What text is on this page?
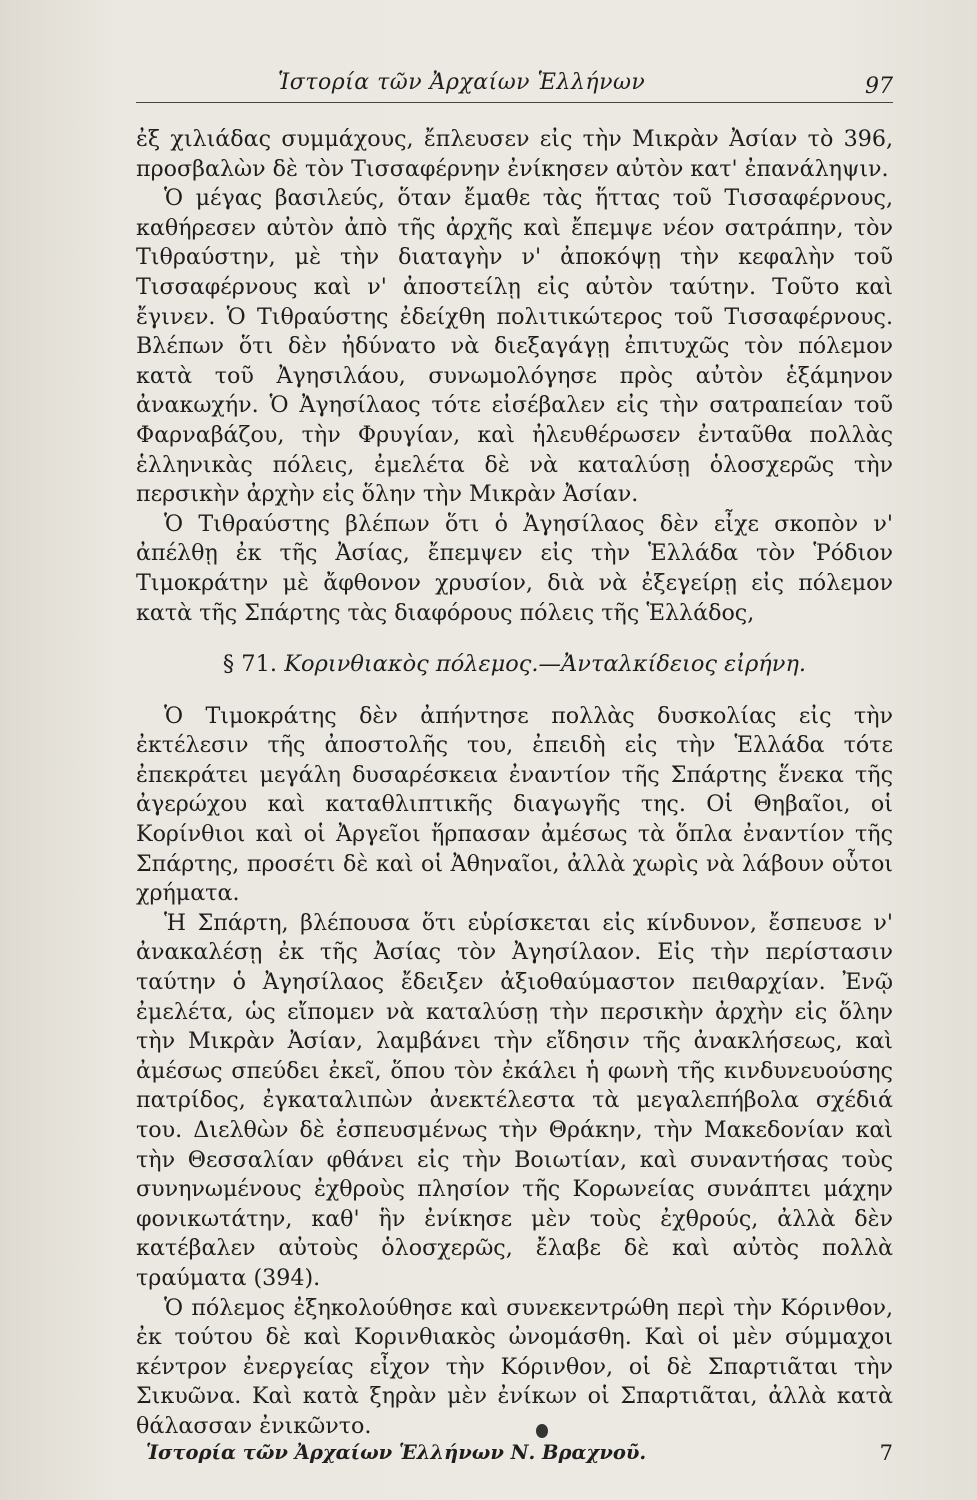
Ἱστορία τῶν Ἀρχαίων Ἑλλήνων	97

ἐξ χιλιάδας συμμάχους, ἔπλευσεν εἰς τὴν Μικρὰν Ἀσίαν τὸ 396, προσβαλὼν δὲ τὸν Τισσαφέρνην ἐνίκησεν αὐτὸν κατ' ἐπανάληψιν.

Ὁ μέγας βασιλεύς, ὅταν ἔμαθε τὰς ἥττας τοῦ Τισσαφέρνους, καθήρεσεν αὐτὸν ἀπὸ τῆς ἀρχῆς καὶ ἔπεμψε νέον σατράπην, τὸν Τιθραύστην, μὲ τὴν διαταγὴν ν' ἀποκόψῃ τὴν κεφαλὴν τοῦ Τισσαφέρνους καὶ ν' ἀποστείλῃ εἰς αὐτὸν ταύτην. Τοῦτο καὶ ἔγινεν. Ὁ Τιθραύστης ἐδείχθη πολιτικώτερος τοῦ Τισσαφέρνους. Βλέπων ὅτι δὲν ἠδύνατο νὰ διεξαγάγῃ ἐπιτυχῶς τὸν πόλεμον κατὰ τοῦ Ἀγησιλάου, συνωμολόγησε πρὸς αὐτὸν ἑξάμηνον ἀνακωχήν. Ὁ Ἀγησίλαος τότε εἰσέβαλεν εἰς τὴν σατραπείαν τοῦ Φαρναβάζου, τὴν Φρυγίαν, καὶ ἠλευθέρωσεν ἐνταῦθα πολλὰς ἑλληνικὰς πόλεις, ἐμελέτα δὲ νὰ καταλύσῃ ὁλοσχερῶς τὴν περσικὴν ἀρχὴν εἰς ὅλην τὴν Μικρὰν Ἀσίαν.

Ὁ Τιθραύστης βλέπων ὅτι ὁ Ἀγησίλαος δὲν εἶχε σκοπὸν ν' ἀπέλθῃ ἐκ τῆς Ἀσίας, ἔπεμψεν εἰς τὴν Ἑλλάδα τὸν Ῥόδιον Τιμοκράτην μὲ ἄφθονον χρυσίον, διὰ νὰ ἐξεγείρῃ εἰς πόλεμον κατὰ τῆς Σπάρτης τὰς διαφόρους πόλεις τῆς Ἑλλάδος,

§ 71. Κορινθιακὸς πόλεμος.—Ἀνταλκίδειος εἰρήνη.

Ὁ Τιμοκράτης δὲν ἀπήντησε πολλὰς δυσκολίας εἰς τὴν ἐκτέλεσιν τῆς ἀποστολῆς του, ἐπειδὴ εἰς τὴν Ἑλλάδα τότε ἐπεκράτει μεγάλη δυσαρέσκεια ἐναντίον τῆς Σπάρτης ἕνεκα τῆς ἀγερώχου καὶ καταθλιπτικῆς διαγωγῆς της. Οἱ Θηβαῖοι, οἱ Κορίνθιοι καὶ οἱ Ἀργεῖοι ἥρπασαν ἀμέσως τὰ ὅπλα ἐναντίον τῆς Σπάρτης, προσέτι δὲ καὶ οἱ Ἀθηναῖοι, ἀλλὰ χωρὶς νὰ λάβουν οὗτοι χρήματα.

Ἡ Σπάρτη, βλέπουσα ὅτι εὑρίσκεται εἰς κίνδυνον, ἔσπευσε ν' ἀνακαλέσῃ ἐκ τῆς Ἀσίας τὸν Ἀγησίλαον. Εἰς τὴν περίστασιν ταύτην ὁ Ἀγησίλαος ἔδειξεν ἀξιοθαύμαστον πειθαρχίαν. Ἐνῷ ἐμελέτα, ὡς εἴπομεν νὰ καταλύσῃ τὴν περσικὴν ἀρχὴν εἰς ὅλην τὴν Μικρὰν Ἀσίαν, λαμβάνει τὴν εἴδησιν τῆς ἀνακλήσεως, καὶ ἀμέσως σπεύδει ἐκεῖ, ὅπου τὸν ἐκάλει ἡ φωνὴ τῆς κινδυνευούσης πατρίδος, ἐγκαταλιπὼν ἀνεκτέλεστα τὰ μεγαλεπήβολα σχέδιά του. Διελθὼν δὲ ἐσπευσμένως τὴν Θράκην, τὴν Μακεδονίαν καὶ τὴν Θεσσαλίαν φθάνει εἰς τὴν Βοιωτίαν, καὶ συναντήσας τοὺς συνηνωμένους ἐχθροὺς πλησίον τῆς Κορωνείας συνάπτει μάχην φονικωτάτην, καθ' ἣν ἐνίκησε μὲν τοὺς ἐχθρούς, ἀλλὰ δὲν κατέβαλεν αὐτοὺς ὁλοσχερῶς, ἔλαβε δὲ καὶ αὐτὸς πολλὰ τραύματα (394).

Ὁ πόλεμος ἐξηκολούθησε καὶ συνεκεντρώθη περὶ τὴν Κόρινθον, ἐκ τούτου δὲ καὶ Κορινθιακὸς ὠνομάσθη. Καὶ οἱ μὲν σύμμαχοι κέντρον ἐνεργείας εἶχον τὴν Κόρινθον, οἱ δὲ Σπαρτιᾶται τὴν Σικυῶνα. Καὶ κατὰ ξηρὰν μὲν ἐνίκων οἱ Σπαρτιᾶται, ἀλλὰ κατὰ θάλασσαν ἐνικῶντο.

Ἱστορία τῶν Ἀρχαίων Ἑλλήνων Ν. Βραχνοῦ.	7
